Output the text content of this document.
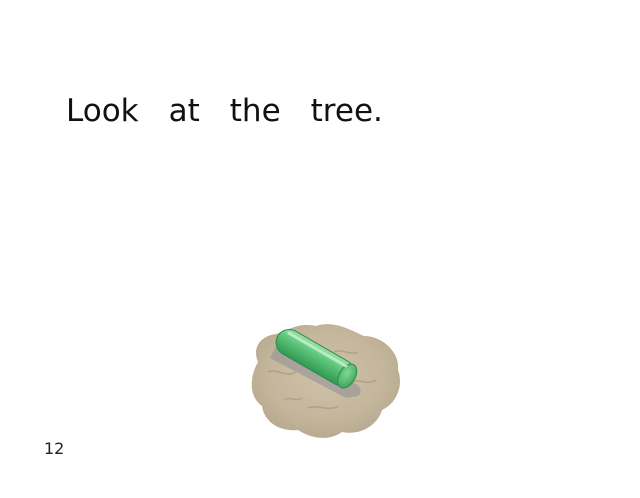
Look at the tree.

12
